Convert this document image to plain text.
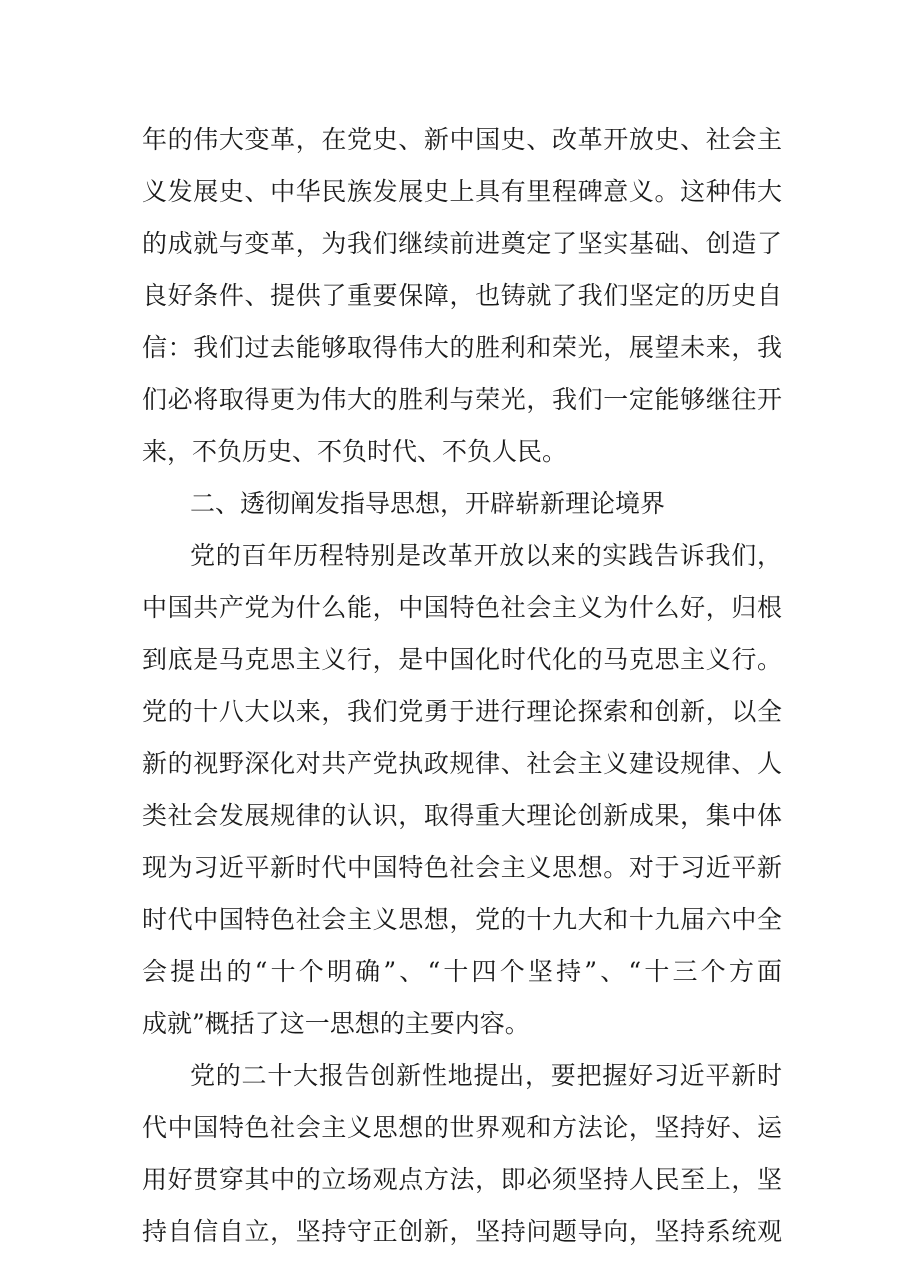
年的伟大变革，在党史、新中国史、改革开放史、社会主
义发展史、中华民族发展史上具有里程碑意义。这种伟大
的成就与变革，为我们继续前进奠定了坚实基础、创造了
良好条件、提供了重要保障，也铸就了我们坚定的历史自
信：我们过去能够取得伟大的胜利和荣光，展望未来，我
们必将取得更为伟大的胜利与荣光，我们一定能够继往开
来，不负历史、不负时代、不负人民。
二、透彻阐发指导思想，开辟崭新理论境界
党的百年历程特别是改革开放以来的实践告诉我们，
中国共产党为什么能，中国特色社会主义为什么好，归根
到底是马克思主义行，是中国化时代化的马克思主义行。
党的十八大以来，我们党勇于进行理论探索和创新，以全
新的视野深化对共产党执政规律、社会主义建设规律、人
类社会发展规律的认识，取得重大理论创新成果，集中体
现为习近平新时代中国特色社会主义思想。对于习近平新
时代中国特色社会主义思想，党的十九大和十九届六中全
会提出的“十个明确”、“十四个坚持”、“十三个方面
成就”概括了这一思想的主要内容。
党的二十大报告创新性地提出，要把握好习近平新时
代中国特色社会主义思想的世界观和方法论，坚持好、运
用好贯穿其中的立场观点方法，即必须坚持人民至上，坚
持自信自立，坚持守正创新，坚持问题导向，坚持系统观
